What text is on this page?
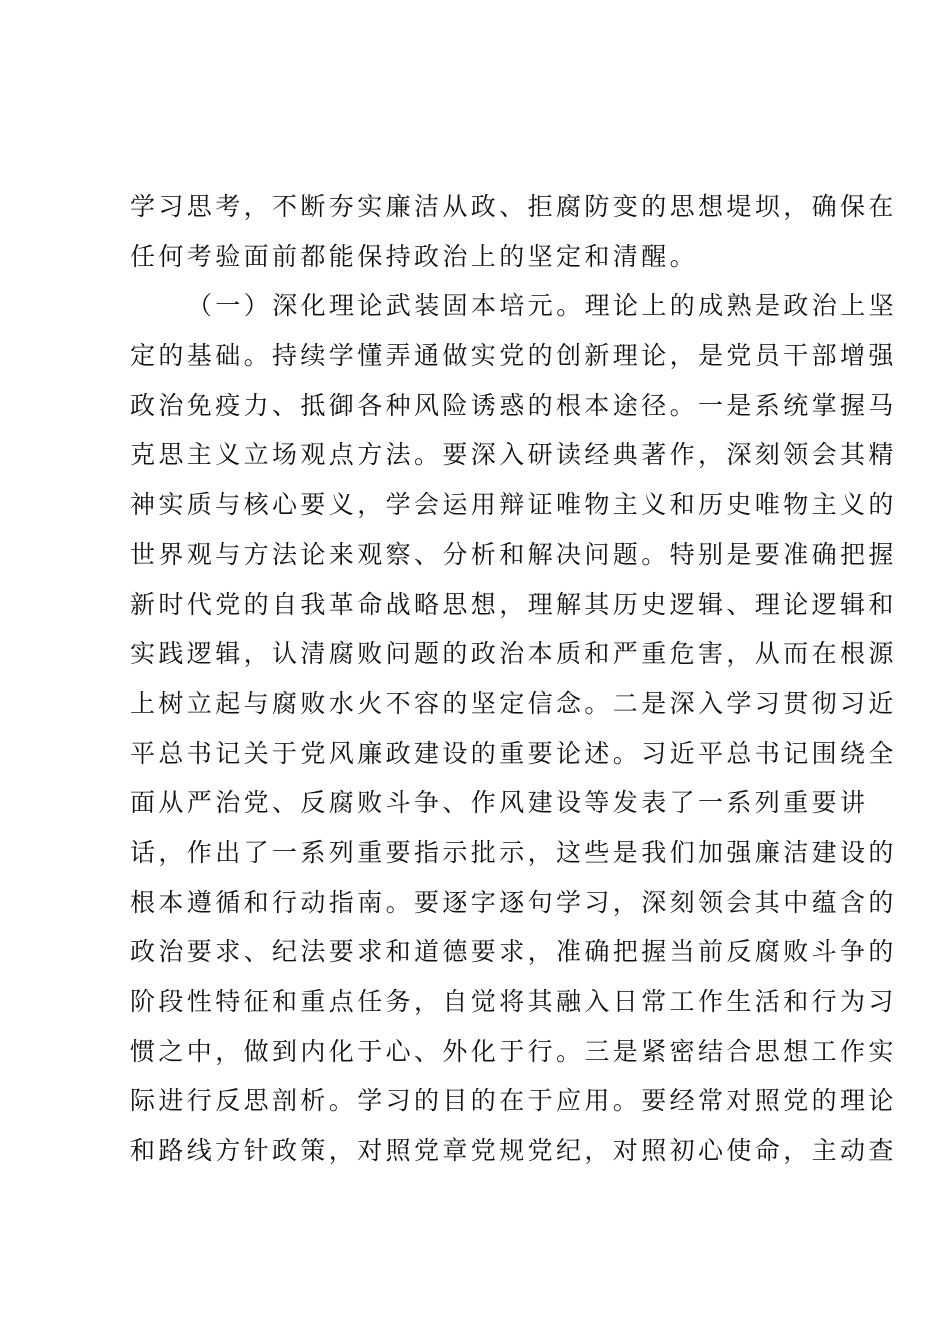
学习思考，不断夯实廉洁从政、拒腐防变的思想堤坝，确保在
任何考验面前都能保持政治上的坚定和清醒。
（一）深化理论武装固本培元。理论上的成熟是政治上坚
定的基础。持续学懂弄通做实党的创新理论，是党员干部增强
政治免疫力、抵御各种风险诱惑的根本途径。一是系统掌握马
克思主义立场观点方法。要深入研读经典著作，深刻领会其精
神实质与核心要义，学会运用辩证唯物主义和历史唯物主义的
世界观与方法论来观察、分析和解决问题。特别是要准确把握
新时代党的自我革命战略思想，理解其历史逻辑、理论逻辑和
实践逻辑，认清腐败问题的政治本质和严重危害，从而在根源
上树立起与腐败水火不容的坚定信念。二是深入学习贯彻习近
平总书记关于党风廉政建设的重要论述。习近平总书记围绕全
面从严治党、反腐败斗争、作风建设等发表了一系列重要讲
话，作出了一系列重要指示批示，这些是我们加强廉洁建设的
根本遵循和行动指南。要逐字逐句学习，深刻领会其中蕴含的
政治要求、纪法要求和道德要求，准确把握当前反腐败斗争的
阶段性特征和重点任务，自觉将其融入日常工作生活和行为习
惯之中，做到内化于心、外化于行。三是紧密结合思想工作实
际进行反思剖析。学习的目的在于应用。要经常对照党的理论
和路线方针政策，对照党章党规党纪，对照初心使命，主动查
